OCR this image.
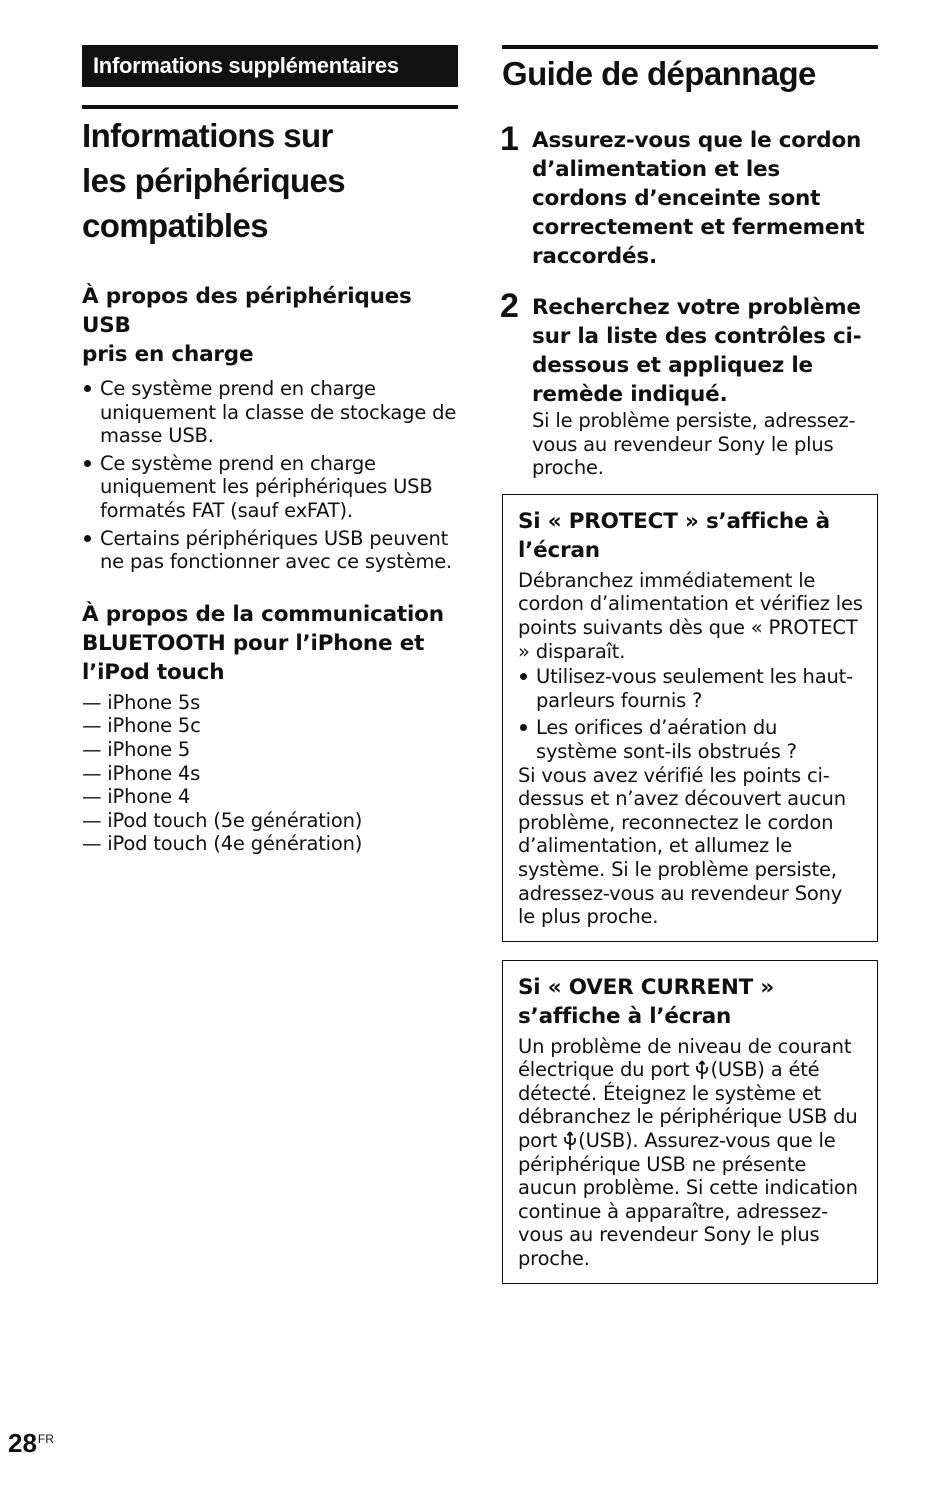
Informations supplémentaires
Informations sur
les périphériques
compatibles
À propos des périphériques USB
pris en charge
Ce système prend en charge uniquement la classe de stockage de masse USB.
Ce système prend en charge uniquement les périphériques USB formatés FAT (sauf exFAT).
Certains périphériques USB peuvent ne pas fonctionner avec ce système.
À propos de la communication
BLUETOOTH pour l’iPhone et
l’iPod touch
— iPhone 5s
— iPhone 5c
— iPhone 5
— iPhone 4s
— iPhone 4
— iPod touch (5e génération)
— iPod touch (4e génération)
Guide de dépannage
1 Assurez-vous que le cordon d’alimentation et les cordons d’enceinte sont correctement et fermement raccordés.
2 Recherchez votre problème sur la liste des contrôles ci-dessous et appliquez le remède indiqué.
Si le problème persiste, adressez-vous au revendeur Sony le plus proche.
Si « PROTECT » s’affiche à l’écran
Débranchez immédiatement le cordon d’alimentation et vérifiez les points suivants dès que « PROTECT » disparaît.
Utilisez-vous seulement les haut-parleurs fournis ?
Les orifices d’aération du système sont-ils obstrués ?
Si vous avez vérifié les points ci-dessus et n’avez découvert aucun problème, reconnectez le cordon d’alimentation, et allumez le système. Si le problème persiste, adressez-vous au revendeur Sony le plus proche.
Si « OVER CURRENT » s’affiche à l’écran
Un problème de niveau de courant électrique du port (USB) a été détecté. Éteignez le système et débranchez le périphérique USB du port (USB). Assurez-vous que le périphérique USB ne présente aucun problème. Si cette indication continue à apparaître, adressez-vous au revendeur Sony le plus proche.
$28^{FR}$
